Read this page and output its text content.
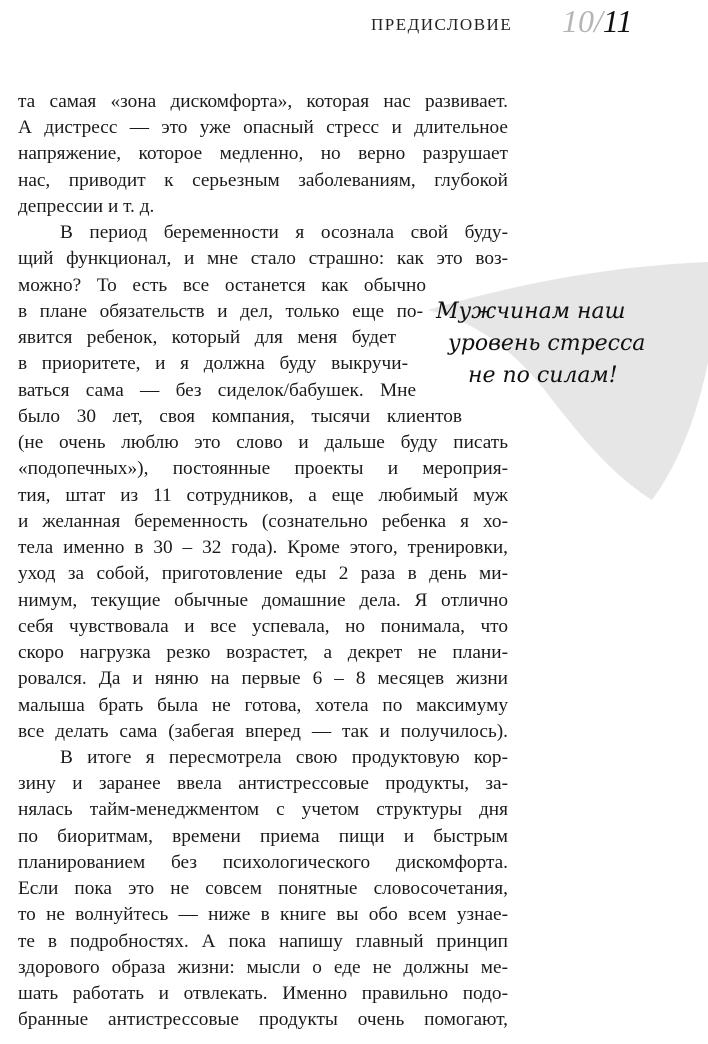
ПРЕДИСЛОВИЕ 10/11
Мужчинам наш
уровень стресса
не по силам!
та самая «зона дискомфорта», которая нас развивает.
А дистресс — это уже опасный стресс и длительное
напряжение, которое медленно, но верно разрушает
нас, приводит к серьезным заболеваниям, глубокой
депрессии и т. д.
В период беременности я осознала свой буду-
щий функционал, и мне стало страшно: как это воз-
можно? То есть все останется как обычно
в плане обязательств и дел, только еще по-
явится ребенок, который для меня будет
в приоритете, и я должна буду выкручи-
ваться сама — без сиделок/бабушек. Мне
было 30 лет, своя компания, тысячи клиентов
(не очень люблю это слово и дальше буду писать
«подопечных»), постоянные проекты и мероприя-
тия, штат из 11 сотрудников, а еще любимый муж
и желанная беременность (сознательно ребенка я хо-
тела именно в 30 – 32 года). Кроме этого, тренировки,
уход за собой, приготовление еды 2 раза в день ми-
нимум, текущие обычные домашние дела. Я отлично
себя чувствовала и все успевала, но понимала, что
скоро нагрузка резко возрастет, а декрет не плани-
ровался. Да и няню на первые 6 – 8 месяцев жизни
малыша брать была не готова, хотела по максимуму
все делать сама (забегая вперед — так и получилось).
В итоге я пересмотрела свою продуктовую кор-
зину и заранее ввела антистрессовые продукты, за-
нялась тайм-менеджментом с учетом структуры дня
по биоритмам, времени приема пищи и быстрым
планированием без психологического дискомфорта.
Если пока это не совсем понятные словосочетания,
то не волнуйтесь — ниже в книге вы обо всем узнае-
те в подробностях. А пока напишу главный принцип
здорового образа жизни: мысли о еде не должны ме-
шать работать и отвлекать. Именно правильно подо-
бранные антистрессовые продукты очень помогают,
